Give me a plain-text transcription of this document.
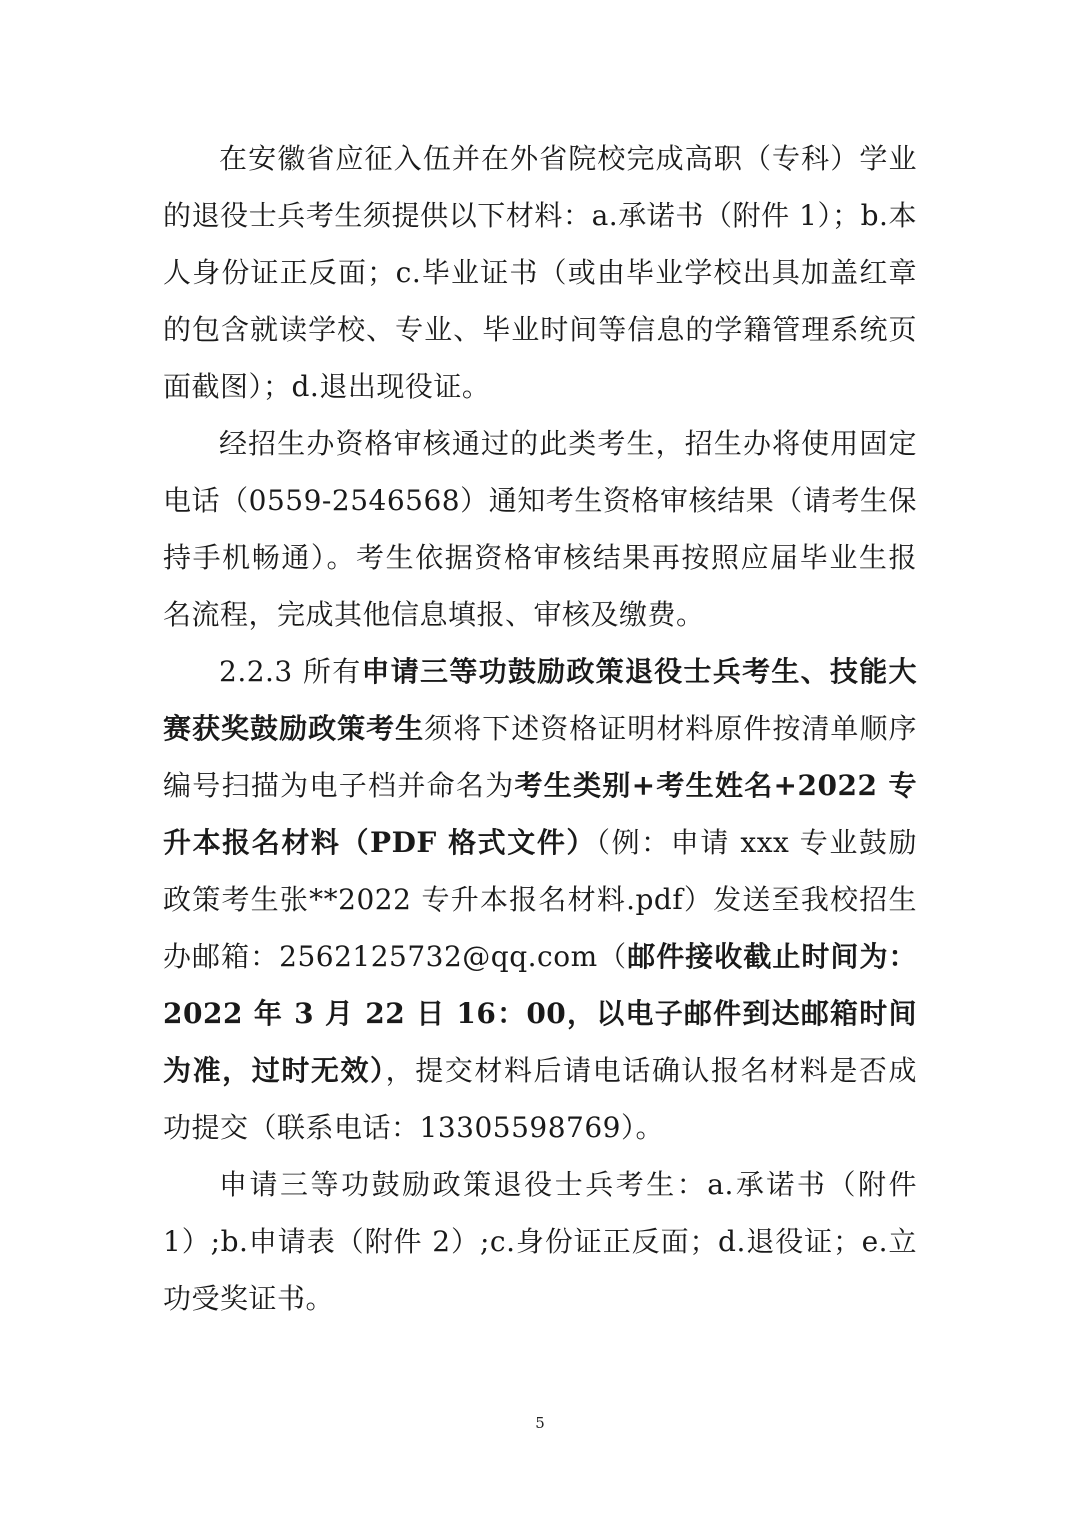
在安徽省应征入伍并在外省院校完成高职（专科）学业的退役士兵考生须提供以下材料：a.承诺书（附件 1）；b.本人身份证正反面；c.毕业证书（或由毕业学校出具加盖红章的包含就读学校、专业、毕业时间等信息的学籍管理系统页面截图）；d.退出现役证。

经招生办资格审核通过的此类考生，招生办将使用固定电话（0559-2546568）通知考生资格审核结果（请考生保持手机畅通）。考生依据资格审核结果再按照应届毕业生报名流程，完成其他信息填报、审核及缴费。

2.2.3 所有申请三等功鼓励政策退役士兵考生、技能大赛获奖鼓励政策考生须将下述资格证明材料原件按清单顺序编号扫描为电子档并命名为考生类别+考生姓名+2022 专升本报名材料（PDF 格式文件）（例：申请 xxx 专业鼓励政策考生张**2022 专升本报名材料.pdf）发送至我校招生办邮箱：2562125732@qq.com（邮件接收截止时间为：2022 年 3 月 22 日 16：00，以电子邮件到达邮箱时间为准，过时无效），提交材料后请电话确认报名材料是否成功提交（联系电话：13305598769）。

申请三等功鼓励政策退役士兵考生：a.承诺书（附件 1）;b.申请表（附件 2）;c.身份证正反面；d.退役证；e.立功受奖证书。

5
